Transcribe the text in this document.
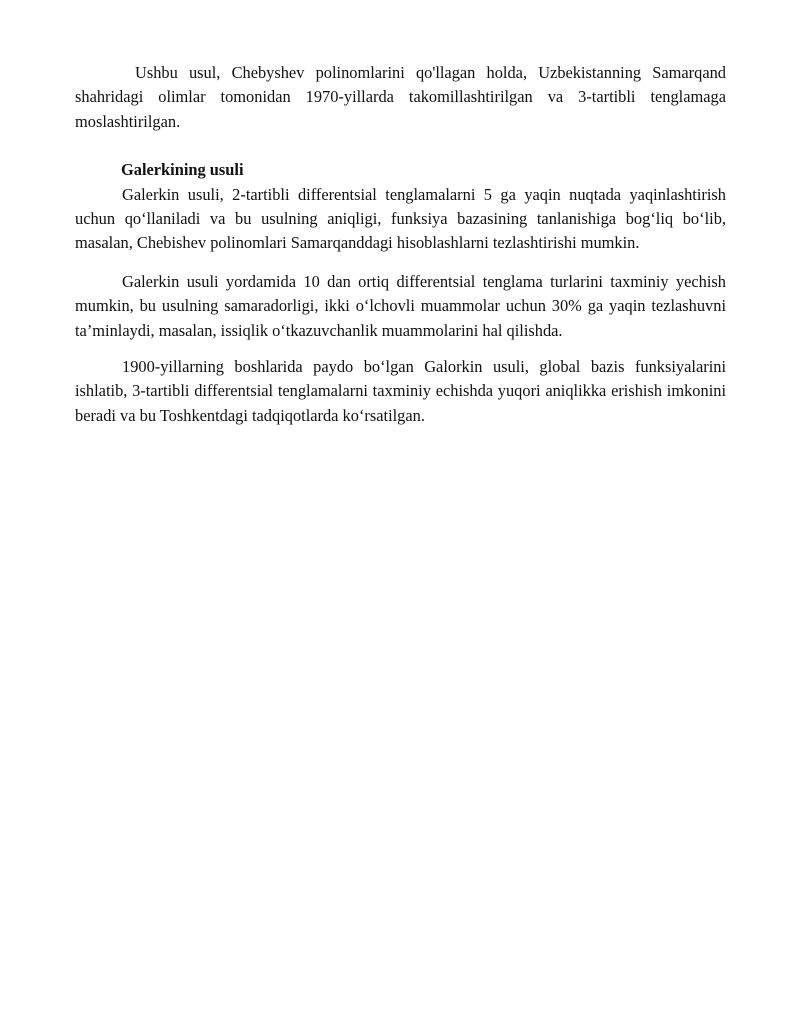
Ushbu usul, Chebyshev polinomlarini qo'llagan holda, Uzbekistanning Samarqand shahridagi olimlar tomonidan 1970-yillarda takomillashtirilgan va 3-tartibli tenglamaga moslashtirilgan.

Galerkining usuli

Galerkin usuli, 2-tartibli differentsial tenglamalarni 5 ga yaqin nuqtada yaqinlashtirish uchun qo‘llaniladi va bu usulning aniqligi, funksiya bazasining tanlanishiga bog‘liq bo‘lib, masalan, Chebishev polinomlari Samarqanddagi hisoblashlarni tezlashtirishi mumkin.

Galerkin usuli yordamida 10 dan ortiq differentsial tenglama turlarini taxminiy yechish mumkin, bu usulning samaradorligi, ikki o‘lchovli muammolar uchun 30% ga yaqin tezlashuvni ta’minlaydi, masalan, issiqlik o‘tkazuvchanlik muammolarini hal qilishda.

1900-yillarning boshlarida paydo bo‘lgan Galorkin usuli, global bazis funksiyalarini ishlatib, 3-tartibli differentsial tenglamalarni taxminiy echishda yuqori aniqlikka erishish imkonini beradi va bu Toshkentdagi tadqiqotlarda ko‘rsatilgan.
